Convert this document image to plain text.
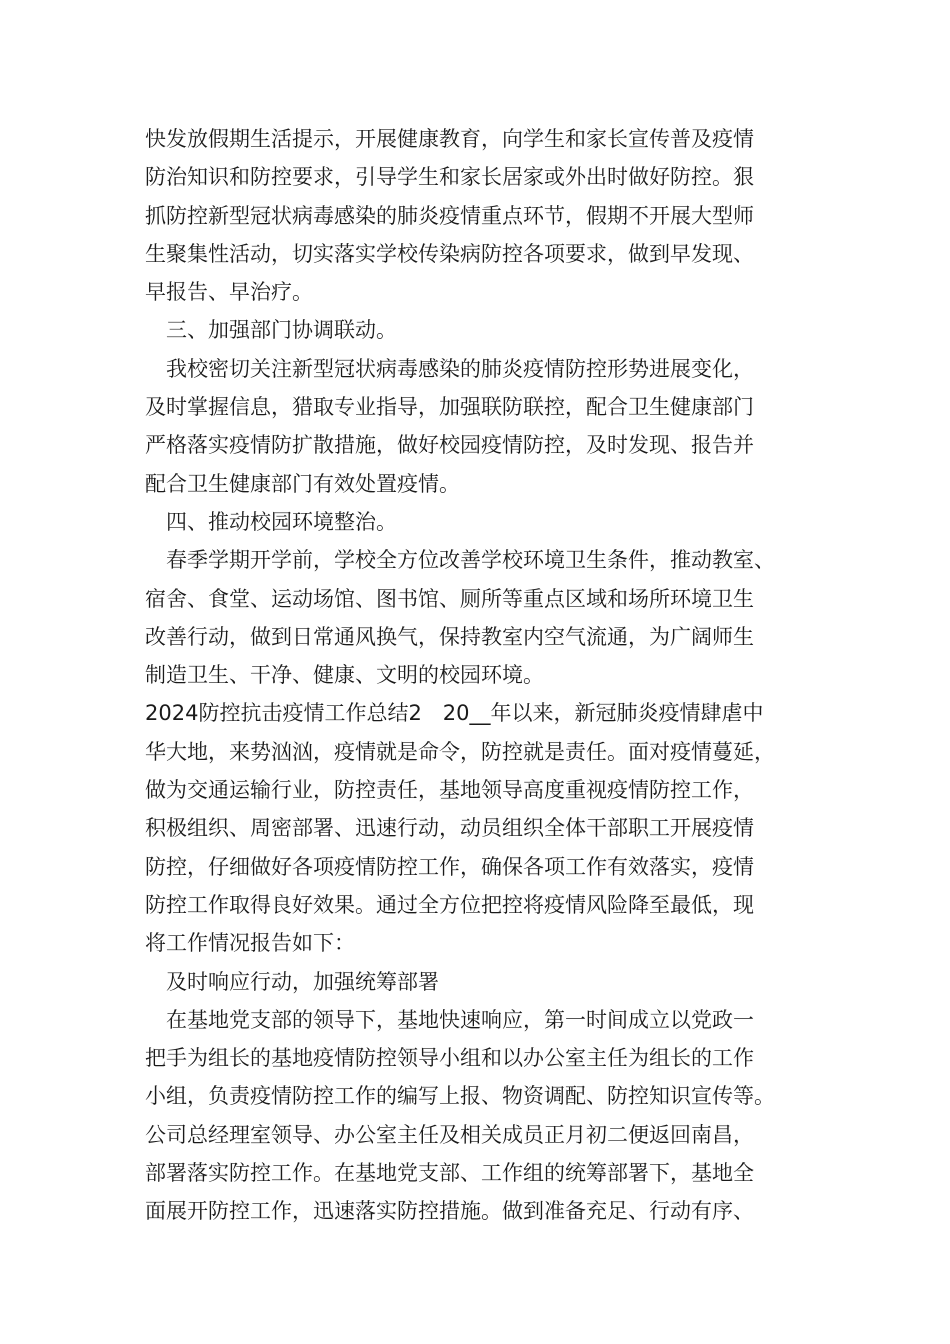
快发放假期生活提示，开展健康教育，向学生和家长宣传普及疫情
防治知识和防控要求，引导学生和家长居家或外出时做好防控。狠
抓防控新型冠状病毒感染的肺炎疫情重点环节，假期不开展大型师
生聚集性活动，切实落实学校传染病防控各项要求，做到早发现、
早报告、早治疗。
三、加强部门协调联动。
我校密切关注新型冠状病毒感染的肺炎疫情防控形势进展变化，
及时掌握信息，猎取专业指导，加强联防联控，配合卫生健康部门
严格落实疫情防扩散措施，做好校园疫情防控，及时发现、报告并
配合卫生健康部门有效处置疫情。
四、推动校园环境整治。
春季学期开学前，学校全方位改善学校环境卫生条件，推动教室、
宿舍、食堂、运动场馆、图书馆、厕所等重点区域和场所环境卫生
改善行动，做到日常通风换气，保持教室内空气流通，为广阔师生
制造卫生、干净、健康、文明的校园环境。
2024防控抗击疫情工作总结2　20__年以来，新冠肺炎疫情肆虐中
华大地，来势汹汹，疫情就是命令，防控就是责任。面对疫情蔓延，
做为交通运输行业，防控责任，基地领导高度重视疫情防控工作，
积极组织、周密部署、迅速行动，动员组织全体干部职工开展疫情
防控，仔细做好各项疫情防控工作，确保各项工作有效落实，疫情
防控工作取得良好效果。通过全方位把控将疫情风险降至最低，现
将工作情况报告如下：
及时响应行动，加强统筹部署
在基地党支部的领导下，基地快速响应，第一时间成立以党政一
把手为组长的基地疫情防控领导小组和以办公室主任为组长的工作
小组，负责疫情防控工作的编写上报、物资调配、防控知识宣传等。
公司总经理室领导、办公室主任及相关成员正月初二便返回南昌，
部署落实防控工作。在基地党支部、工作组的统筹部署下，基地全
面展开防控工作，迅速落实防控措施。做到准备充足、行动有序、
